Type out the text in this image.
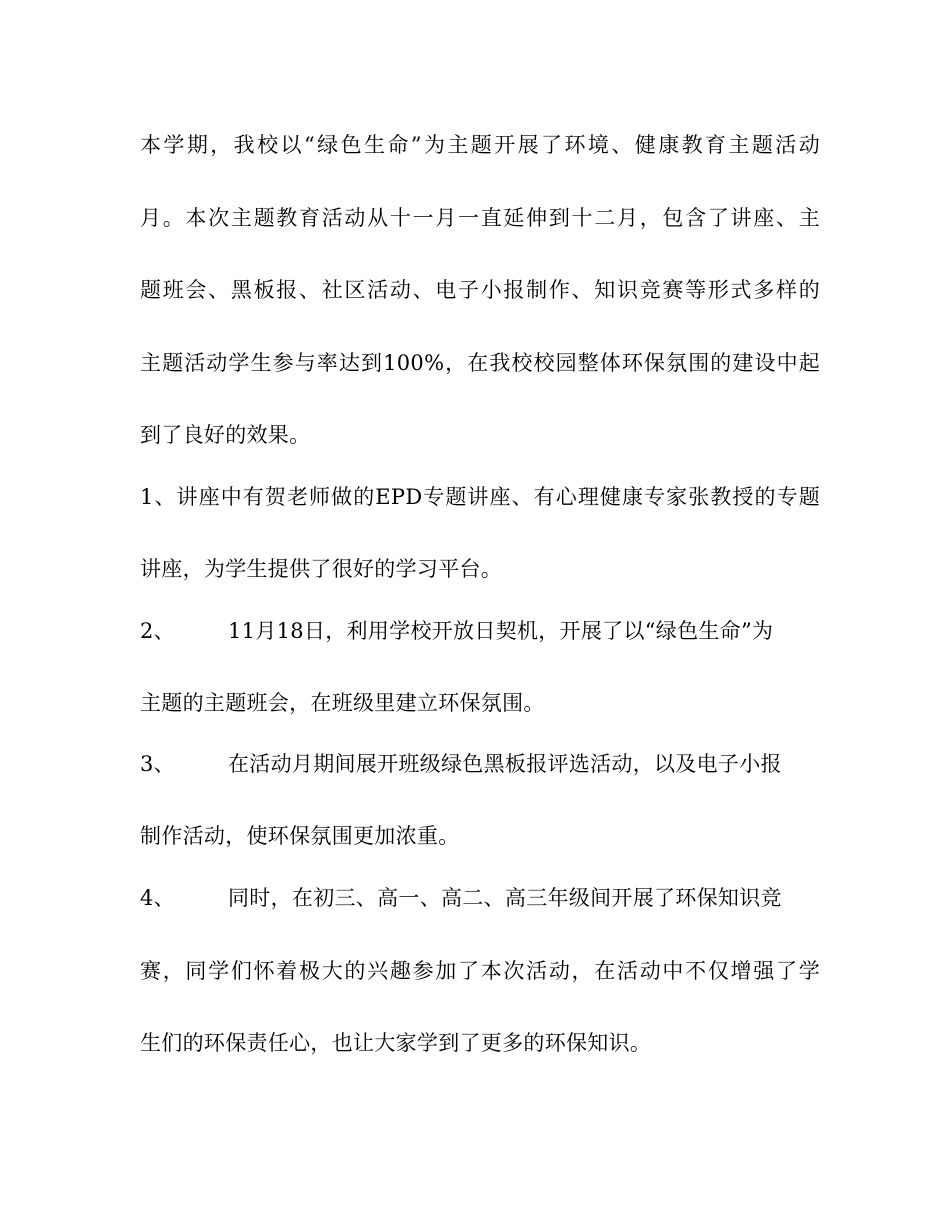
本学期，我校以“绿色生命”为主题开展了环境、健康教育主题活动
月。本次主题教育活动从十一月一直延伸到十二月，包含了讲座、主
题班会、黑板报、社区活动、电子小报制作、知识竞赛等形式多样的
主题活动学生参与率达到100%，在我校校园整体环保氛围的建设中起
到了良好的效果。
1、讲座中有贺老师做的EPD专题讲座、有心理健康专家张教授的专题
讲座，为学生提供了很好的学习平台。
2、	11月18日，利用学校开放日契机，开展了以“绿色生命”为
主题的主题班会，在班级里建立环保氛围。
3、	在活动月期间展开班级绿色黑板报评选活动，以及电子小报
制作活动，使环保氛围更加浓重。
4、	同时，在初三、高一、高二、高三年级间开展了环保知识竞
赛，同学们怀着极大的兴趣参加了本次活动，在活动中不仅增强了学
生们的环保责任心，也让大家学到了更多的环保知识。
